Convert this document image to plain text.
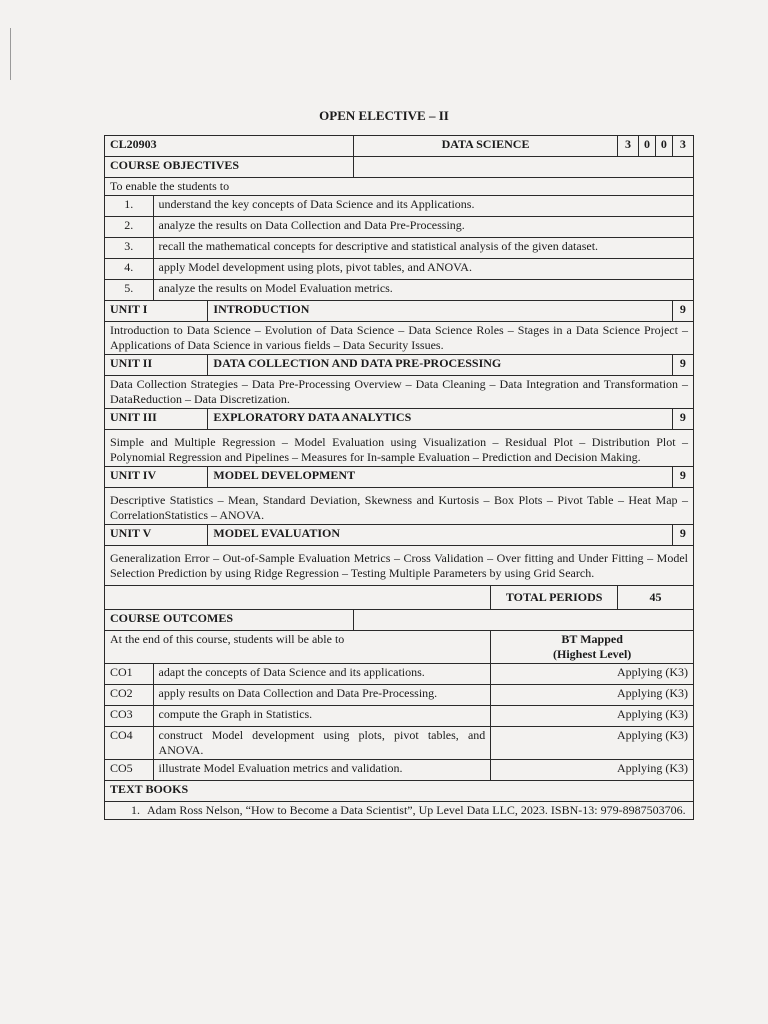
OPEN ELECTIVE – II
CL20903			DATA SCIENCE		3	0	0	3
COURSE OBJECTIVES								
To enable the students to								
1.	understand the key concepts of Data Science and its Applications.							
2.	analyze the results on Data Collection and Data Pre-Processing.							
3.	recall the mathematical concepts for descriptive and statistical analysis of the given dataset.							
4.	apply Model development using plots, pivot tables, and ANOVA.							
5.	analyze the results on Model Evaluation metrics.							
UNIT I		INTRODUCTION						9
Introduction to Data Science – Evolution of Data Science – Data Science Roles – Stages in a Data Science Project – Applications of Data Science in various fields – Data Security Issues.								
UNIT II		DATA COLLECTION AND DATA PRE-PROCESSING						9
Data Collection Strategies – Data Pre-Processing Overview – Data Cleaning – Data Integration and Transformation – DataReduction – Data Discretization.								
UNIT III		EXPLORATORY DATA ANALYTICS						9
Simple and Multiple Regression – Model Evaluation using Visualization – Residual Plot – Distribution Plot – Polynomial Regression and Pipelines – Measures for In-sample Evaluation – Prediction and Decision Making.								
UNIT IV		MODEL DEVELOPMENT						9
Descriptive Statistics – Mean, Standard Deviation, Skewness and Kurtosis – Box Plots – Pivot Table – Heat Map – CorrelationStatistics – ANOVA.								
UNIT V		MODEL EVALUATION						9
Generalization Error – Out-of-Sample Evaluation Metrics – Cross Validation – Over fitting and Under Fitting – Model Selection Prediction by using Ridge Regression – Testing Multiple Parameters by using Grid Search.								
				TOTAL PERIODS	45			
COURSE OUTCOMES								
At the end of this course, students will be able to				BT Mapped
(Highest Level)				

CO1	adapt the concepts of Data Science and its applications.			Applying (K3)				
CO2	apply results on Data Collection and Data Pre-Processing.			Applying (K3)				
CO3	compute the Graph in Statistics.			Applying (K3)				
CO4	construct Model development using plots, pivot tables, and ANOVA.			Applying (K3)				
CO5	illustrate Model Evaluation metrics and validation.			Applying (K3)				
TEXT BOOKS								

1. Adam Ross Nelson, “How to Become a Data Scientist”, Up Level Data LLC, 2023. ISBN-13: 979-8987503706.								
